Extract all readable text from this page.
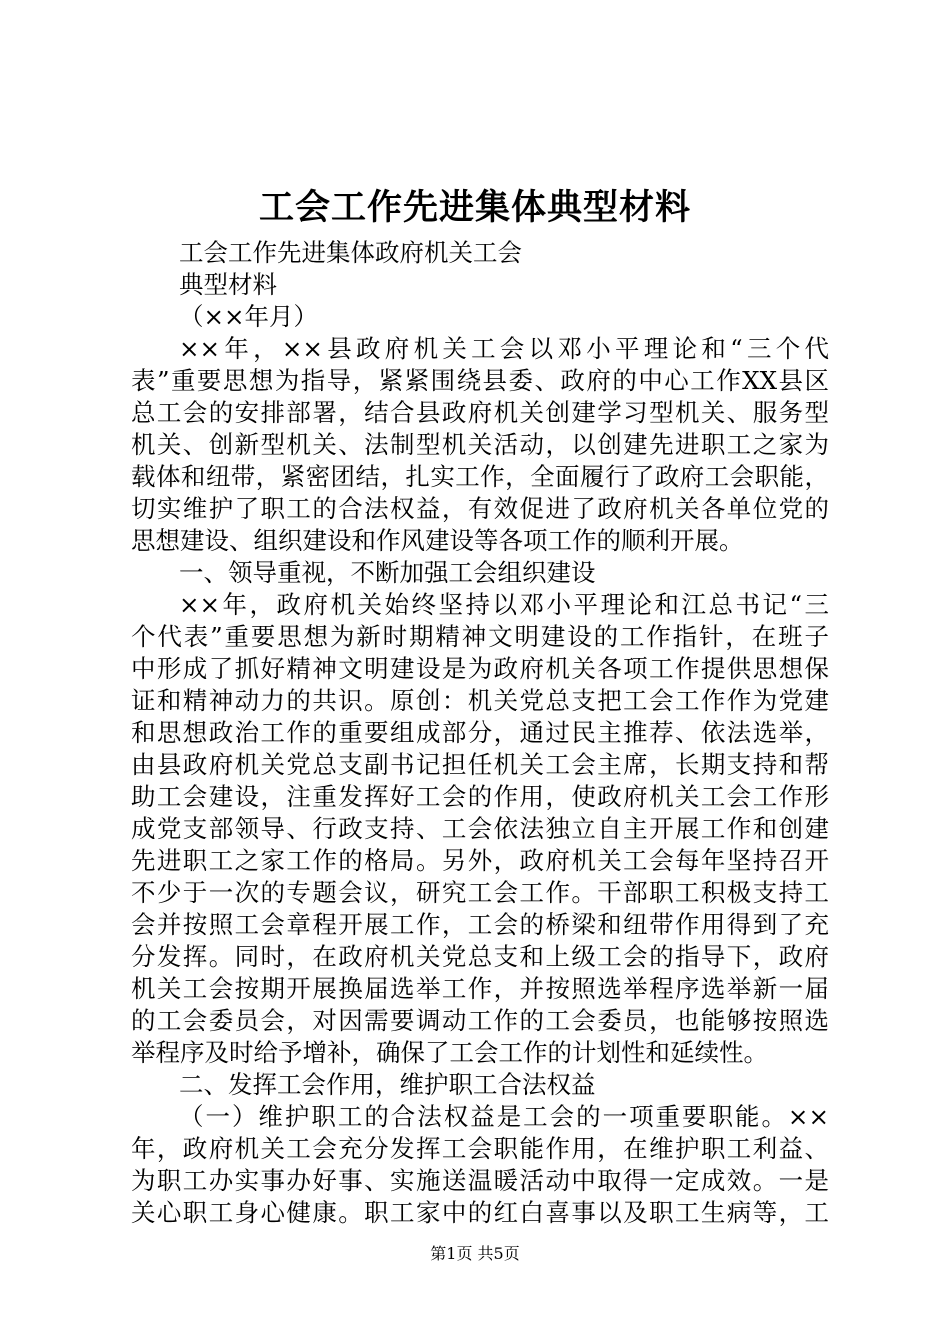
工会工作先进集体典型材料
工会工作先进集体政府机关工会
典型材料
（××年月）
××年，××县政府机关工会以邓小平理论和“三个代
表”重要思想为指导，紧紧围绕县委、政府的中心工作XX县区
总工会的安排部署，结合县政府机关创建学习型机关、服务型
机关、创新型机关、法制型机关活动，以创建先进职工之家为
载体和纽带，紧密团结，扎实工作，全面履行了政府工会职能，
切实维护了职工的合法权益，有效促进了政府机关各单位党的
思想建设、组织建设和作风建设等各项工作的顺利开展。
一、领导重视，不断加强工会组织建设
××年，政府机关始终坚持以邓小平理论和江总书记“三
个代表”重要思想为新时期精神文明建设的工作指针，在班子
中形成了抓好精神文明建设是为政府机关各项工作提供思想保
证和精神动力的共识。原创：机关党总支把工会工作作为党建
和思想政治工作的重要组成部分，通过民主推荐、依法选举，
由县政府机关党总支副书记担任机关工会主席，长期支持和帮
助工会建设，注重发挥好工会的作用，使政府机关工会工作形
成党支部领导、行政支持、工会依法独立自主开展工作和创建
先进职工之家工作的格局。另外，政府机关工会每年坚持召开
不少于一次的专题会议，研究工会工作。干部职工积极支持工
会并按照工会章程开展工作，工会的桥梁和纽带作用得到了充
分发挥。同时，在政府机关党总支和上级工会的指导下，政府
机关工会按期开展换届选举工作，并按照选举程序选举新一届
的工会委员会，对因需要调动工作的工会委员，也能够按照选
举程序及时给予增补，确保了工会工作的计划性和延续性。
二、发挥工会作用，维护职工合法权益
（一）维护职工的合法权益是工会的一项重要职能。××
年，政府机关工会充分发挥工会职能作用，在维护职工利益、
为职工办实事办好事、实施送温暖活动中取得一定成效。一是
关心职工身心健康。职工家中的红白喜事以及职工生病等，工
第1页 共5页
